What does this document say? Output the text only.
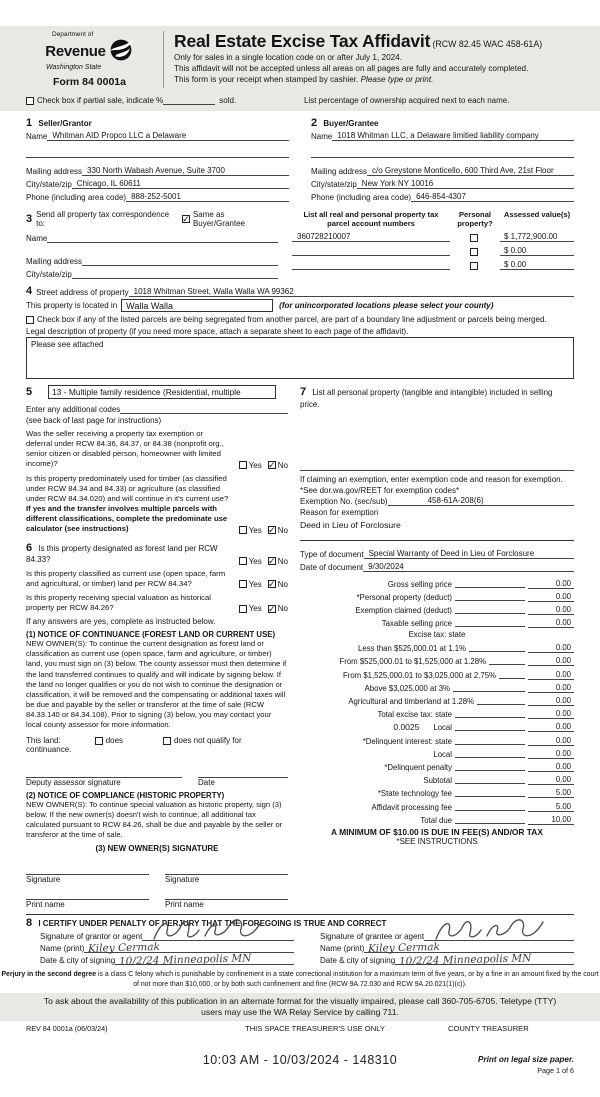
Department of
Revenue
Washington State
Form 84 0001a
Real Estate Excise Tax Affidavit (RCW 82.45 WAC 458-61A)
Only for sales in a single location code on or after July 1, 2024.
This affidavit will not be accepted unless all areas on all pages are fully and accurately completed.
This form is your receipt when stamped by cashier. Please type or print.
Check box if partial sale, indicate %	sold.	List percentage of ownership acquired next to each name.
1 Seller/Grantor
Name Whitman AID Propco LLC a Delaware
Mailing address 330 North Wabash Avenue, Suite 3700
City/state/zip Chicago, IL 60611
Phone (including area code) 888-252-5001
2 Buyer/Grantee
Name 1018 Whitman LLC, a Delaware limitied liability company
Mailing address c/o Greystone Monticello, 600 Third Ave, 21st Floor
City/state/zip New York NY 10016
Phone (including area code) 646-854-4307
3 Send all property tax correspondence to:	✓ Same as Buyer/Grantee
Name
Mailing address
City/state/zip
List all real and personal property tax parcel account numbers
Personal property?
Assessed value(s)
360728210007	$ 1,772,900.00
$ 0.00
$ 0.00
4 Street address of property 1018 Whitman Street, Walla Walla WA 99362
This property is located in	Walla Walla	(for unincorporated locations please select your county)
Check box if any of the listed parcels are being segregated from another parcel, are part of a boundary line adjustment or parcels being merged.
Legal description of property (if you need more space, attach a separate sheet to each page of the affidavit).
Please see attached
5	13 - Multiple family residence (Residential, multiple
Enter any additional codes
(see back of last page for instructions)
Was the seller receiving a property tax exemption or deferral under RCW 84.36, 84.37, or 84.38 (nonprofit org., senior citizen or disabled person, homeowner with limited income)?	Yes ✓ No
Is this property predominately used for timber (as classified under RCW 84.34 and 84.33) or agriculture (as classified under RCW 84.34.020) and will continue in it's current use? If yes and the transfer involves multiple parcels with different classifications, complete the predominate use calculator (see instructions)	Yes ✓ No
6 Is this property designated as forest land per RCW 84.33?	Yes ✓ No
Is this property classified as current use (open space, farm and agricultural, or timber) land per RCW 84.34?	Yes ✓ No
Is this property receiving special valuation as historical property per RCW 84.26?	Yes ✓ No
If any answers are yes, complete as instructed below.
(1) NOTICE OF CONTINUANCE (FOREST LAND OR CURRENT USE)
NEW OWNER(S): To continue the current designation as forest land or classification as current use (open space, farm and agriculture, or timber) land, you must sign on (3) below. The county assessor must then determine if the land transferred continues to qualify and will indicate by signing below. If the land no longer qualifies or you do not wish to continue the designation or classification, it will be removed and the compensating or additional taxes will be due and payable by the seller or transferor at the time of sale (RCW 84.33.140 or 84.34.108). Prior to signing (3) below, you may contact your local county assessor for more information.
This land:	does	does not qualify for
continuance.
Deputy assessor signature	Date
(2) NOTICE OF COMPLIANCE (HISTORIC PROPERTY)
NEW OWNER(S): To continue special valuation as historic property, sign (3) below. If the new owner(s) doesn't wish to continue, all additional tax calculated pursuant to RCW 84.26, shall be due and payable by the seller or transferor at the time of sale.
(3) NEW OWNER(S) SIGNATURE
Signature	Signature
Print name	Print name
7 List all personal property (tangible and intangible) included in selling price.
If claiming an exemption, enter exemption code and reason for exemption. *See dor.wa.gov/REET for exemption codes*
Exemption No. (sec/sub)	458-61A-208(6)
Reason for exemption
Deed in Lieu of Forclosure
Type of document Special Warranty of Deed in Lieu of Forclosure
Date of document 9/30/2024
Gross selling price	0.00
*Personal property (deduct)	0.00
Exemption claimed (deduct)	0.00
Taxable selling price	0.00
Excise tax: state
Less than $525,000.01 at 1.1%	0.00
From $525,000.01 to $1,525,000 at 1.28%	0.00
From $1,525,000.01 to $3,025,000 at 2.75%	0.00
Above $3,025,000 at 3%	0.00
Agricultural and timberland at 1.28%	0.00
Total excise tax: state	0.00
0.0025 Local	0.00
*Delinquent interest: state	0.00
Local	0.00
*Delinquent penalty	0.00
Subtotal	0.00
*State technology fee	5.00
Affidavit processing fee	5.00
Total due	10.00
A MINIMUM OF $10.00 IS DUE IN FEE(S) AND/OR TAX
*SEE INSTRUCTIONS
8 I CERTIFY UNDER PENALTY OF PERJURY THAT THE FOREGOING IS TRUE AND CORRECT
Signature of grantor or agent	Signature of grantee or agent
Name (print) Kiley Cermak	Name (print) Kiley Cermak
Date & city of signing 10/2/24 Minneapolis MN	Date & city of signing 10/2/24 Minneapolis MN
Perjury in the second degree is a class C felony which is punishable by confinement in a state correctional institution for a maximum term of five years, or by a fine in an amount fixed by the court of not more than $10,000, or by both such confinement and fine (RCW 9A.72.030 and RCW 9A.20.021(1)(c)).
To ask about the availability of this publication in an alternate format for the visually impaired, please call 360-705-6705. Teletype (TTY) users may use the WA Relay Service by calling 711.
REV 84 0001a (06/03/24)	THIS SPACE TREASURER'S USE ONLY	COUNTY TREASURER
10:03 AM - 10/03/2024 - 148310	Print on legal size paper.
Page 1 of 6
